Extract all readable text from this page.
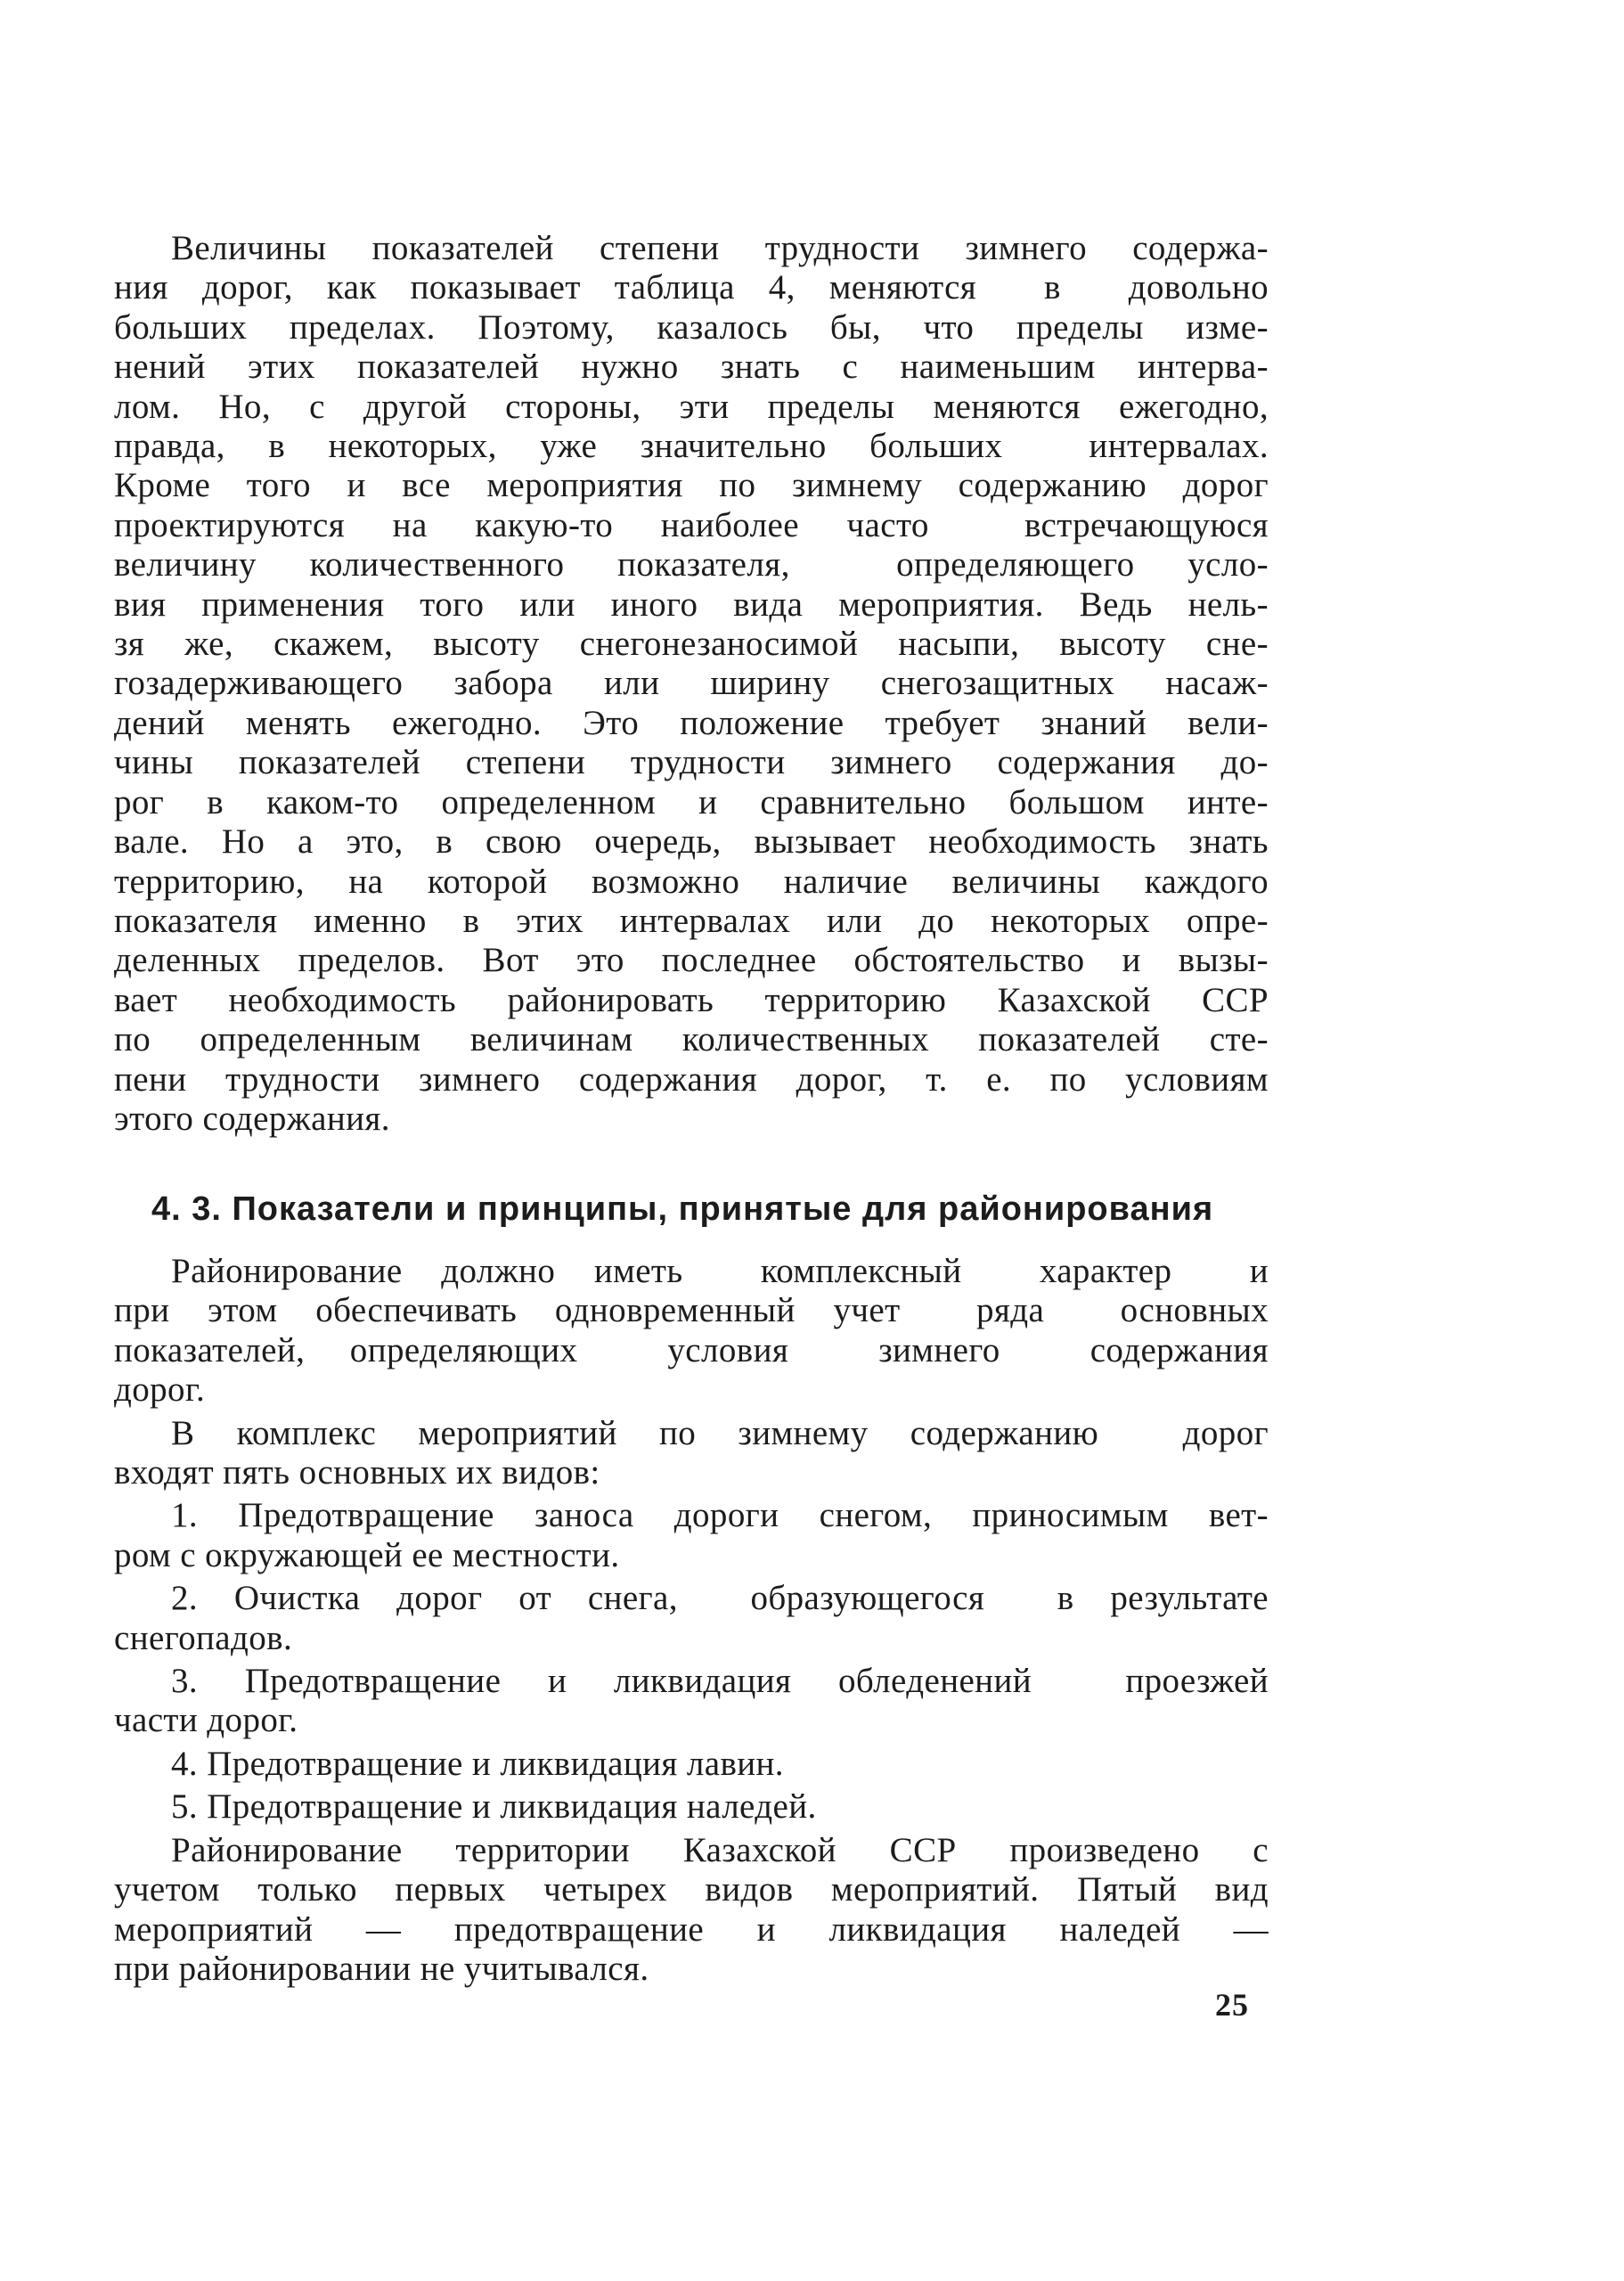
Величины показателей степени трудности зимнего содержа-
ния дорог, как показывает таблица 4, меняются  в  довольно
больших пределах. Поэтому, казалось бы, что пределы изме-
нений этих показателей нужно знать с наименьшим интерва-
лом. Но, с другой стороны, эти пределы меняются ежегодно,
правда, в некоторых, уже значительно больших  интервалах.
Кроме того и все мероприятия по зимнему содержанию дорог
проектируются на какую-то наиболее часто  встречающуюся
величину количественного показателя,  определяющего усло-
вия применения того или иного вида мероприятия. Ведь нель-
зя же, скажем, высоту снегонезаносимой насыпи, высоту сне-
гозадерживающего забора или ширину снегозащитных насаж-
дений менять ежегодно. Это положение требует знаний вели-
чины показателей степени трудности зимнего содержания до-
рог в каком-то определенном и сравнительно большом инте-
вале. Но а это, в свою очередь, вызывает необходимость знать
территорию, на которой возможно наличие величины каждого
показателя именно в этих интервалах или до некоторых опре-
деленных пределов. Вот это последнее обстоятельство и вызы-
вает необходимость районировать территорию Казахской ССР
по определенным величинам количественных показателей сте-
пени трудности зимнего содержания дорог, т. е. по условиям
этого содержания.
4. 3. Показатели и принципы, принятые для районирования
Районирование должно иметь  комплексный  характер  и
при этом обеспечивать одновременный учет  ряда  основных
показателей, определяющих  условия  зимнего  содержания
дорог.
В комплекс мероприятий по зимнему содержанию  дорог
входят пять основных их видов:
1. Предотвращение заноса дороги снегом, приносимым вет-
ром с окружающей ее местности.
2. Очистка дорог от снега,  образующегося  в результате
снегопадов.
3. Предотвращение и ликвидация обледенений  проезжей
части дорог.
4. Предотвращение и ликвидация лавин.
5. Предотвращение и ликвидация наледей.
Районирование территории Казахской ССР произведено с
учетом только первых четырех видов мероприятий. Пятый вид
мероприятий — предотвращение и ликвидация наледей —
при районировании не учитывался.
25
